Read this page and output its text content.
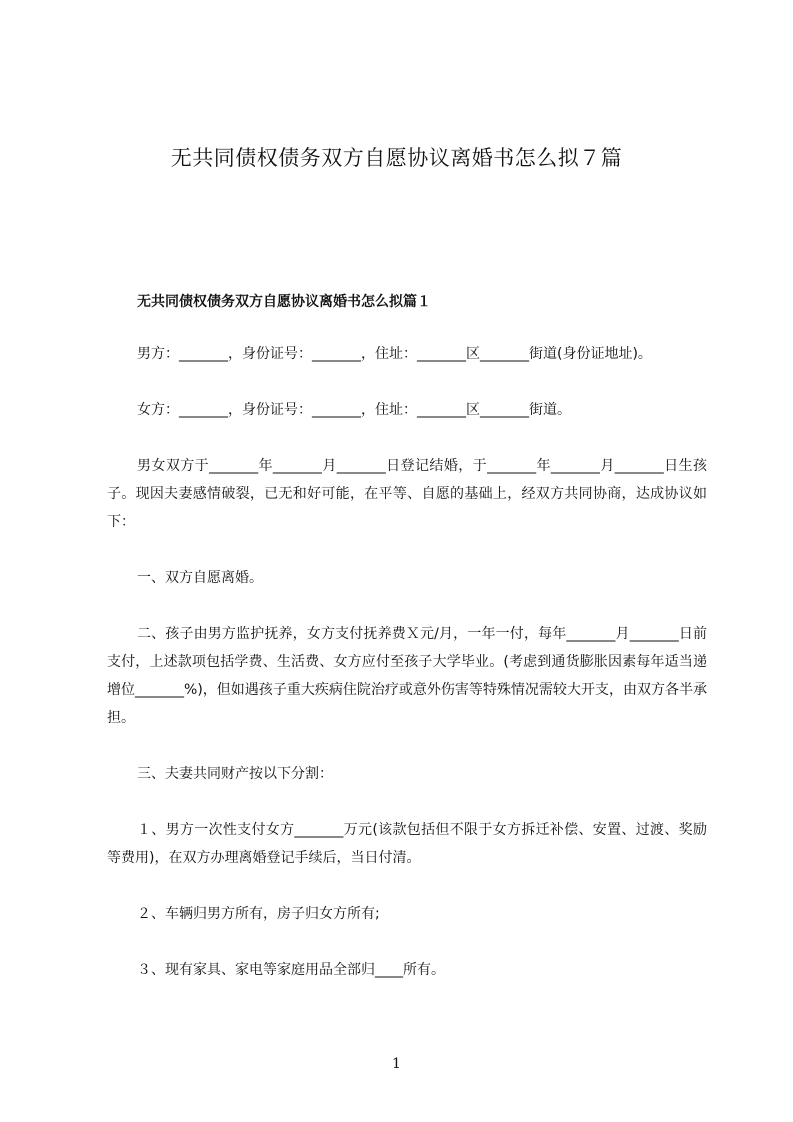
无共同债权债务双方自愿协议离婚书怎么拟７篇

无共同债权债务双方自愿协议离婚书怎么拟篇１

男方：_______，身份证号：_______，住址：_______区_______街道(身份证地址)。

女方：_______，身份证号：_______，住址：_______区_______街道。

男女双方于_______年_______月_______日登记结婚，于_______年_______月_______日生孩子。现因夫妻感情破裂，已无和好可能，在平等、自愿的基础上，经双方共同协商，达成协议如下：

一、双方自愿离婚。

二、孩子由男方监护抚养，女方支付抚养费Ｘ元/月，一年一付，每年_______月_______日前支付，上述款项包括学费、生活费、女方应付至孩子大学毕业。(考虑到通货膨胀因素每年适当递增位_______%)，但如遇孩子重大疾病住院治疗或意外伤害等特殊情况需较大开支，由双方各半承担。

三、夫妻共同财产按以下分割：

１、男方一次性支付女方_______万元(该款包括但不限于女方拆迁补偿、安置、过渡、奖励等费用)，在双方办理离婚登记手续后，当日付清。

２、车辆归男方所有，房子归女方所有;

３、现有家具、家电等家庭用品全部归____所有。

1
